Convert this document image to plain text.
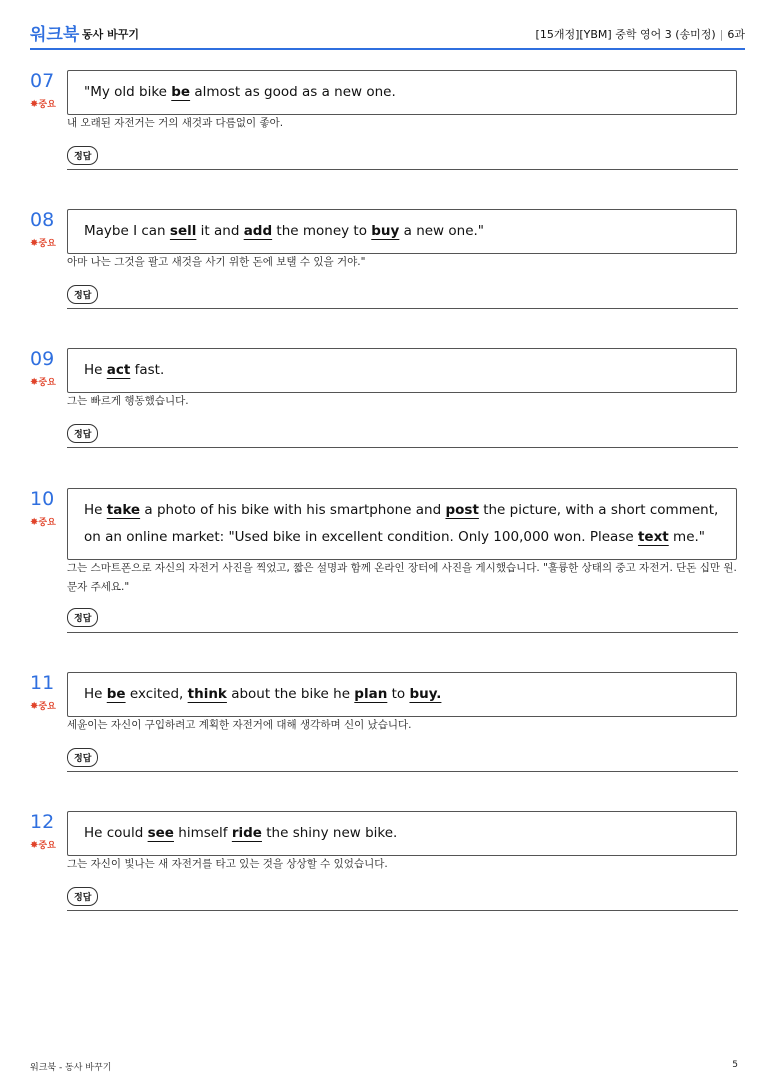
워크북 동사 바꾸기	[15개정][YBM] 중학 영어 3 (송미정) | 6과
07
✸중요
"My old bike be almost as good as a new one.
내 오래된 자전거는 거의 새것과 다름없이 좋아.
정답
08
✸중요
Maybe I can sell it and add the money to buy a new one."
아마 나는 그것을 팔고 새것을 사기 위한 돈에 보탤 수 있을 거야."
정답
09
✸중요
He act fast.
그는 빠르게 행동했습니다.
정답
10
✸중요
He take a photo of his bike with his smartphone and post the picture, with a short comment, on an online market: "Used bike in excellent condition. Only 100,000 won. Please text me."
그는 스마트폰으로 자신의 자전거 사진을 찍었고, 짧은 설명과 함께 온라인 장터에 사진을 게시했습니다. "훌륭한 상태의 중고 자전거. 단돈 십만 원. 문자 주세요."
정답
11
✸중요
He be excited, think about the bike he plan to buy.
세윤이는 자신이 구입하려고 계획한 자전거에 대해 생각하며 신이 났습니다.
정답
12
✸중요
He could see himself ride the shiny new bike.
그는 자신이 빛나는 새 자전거를 타고 있는 것을 상상할 수 있었습니다.
정답
워크북 - 동사 바꾸기	5
